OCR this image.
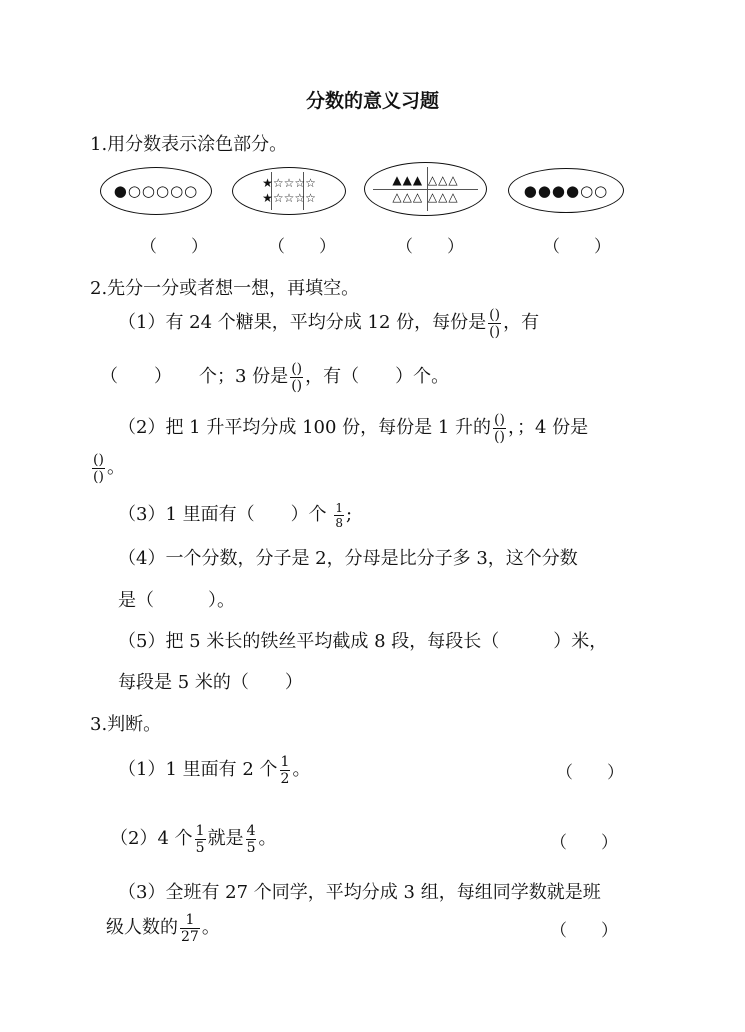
分数的意义习题
1.用分数表示涂色部分。
●○○○○○	★☆☆☆☆
★☆☆☆☆
▲▲▲ △△△
△△△ △△△	●●●●○○
（　　）	（　　）	（　　）	（　　）
2.先分一分或者想一想，再填空。
（1）有 24 个糖果，平均分成 12 份，每份是 $\frac{()}{()}$ ，有
（　　）　　个；3 份是 $\frac{()}{()}$ ，有（　　）个。
（2）把 1 升平均分成 100 份，每份是 1 升的 $\frac{()}{()}$ ，；4 份是
$\frac{()}{()}$ 。
（3）1 里面有（　　）个 $\frac{1}{8}$ ;
（4）一个分数，分子是 2，分母是比分子多 3，这个分数
是（　　　）。
（5）把 5 米长的铁丝平均截成 8 段，每段长（　　　）米，
每段是 5 米的（　　）
3.判断。
（1）1 里面有 2 个 $\frac{1}{2}$ 。	（　　）
（2）4 个 $\frac{1}{5}$ 就是 $\frac{4}{5}$ 。	（　　）
（3）全班有 27 个同学，平均分成 3 组，每组同学数就是班
级人数的 $\frac{1}{27}$ 。	（　　）
